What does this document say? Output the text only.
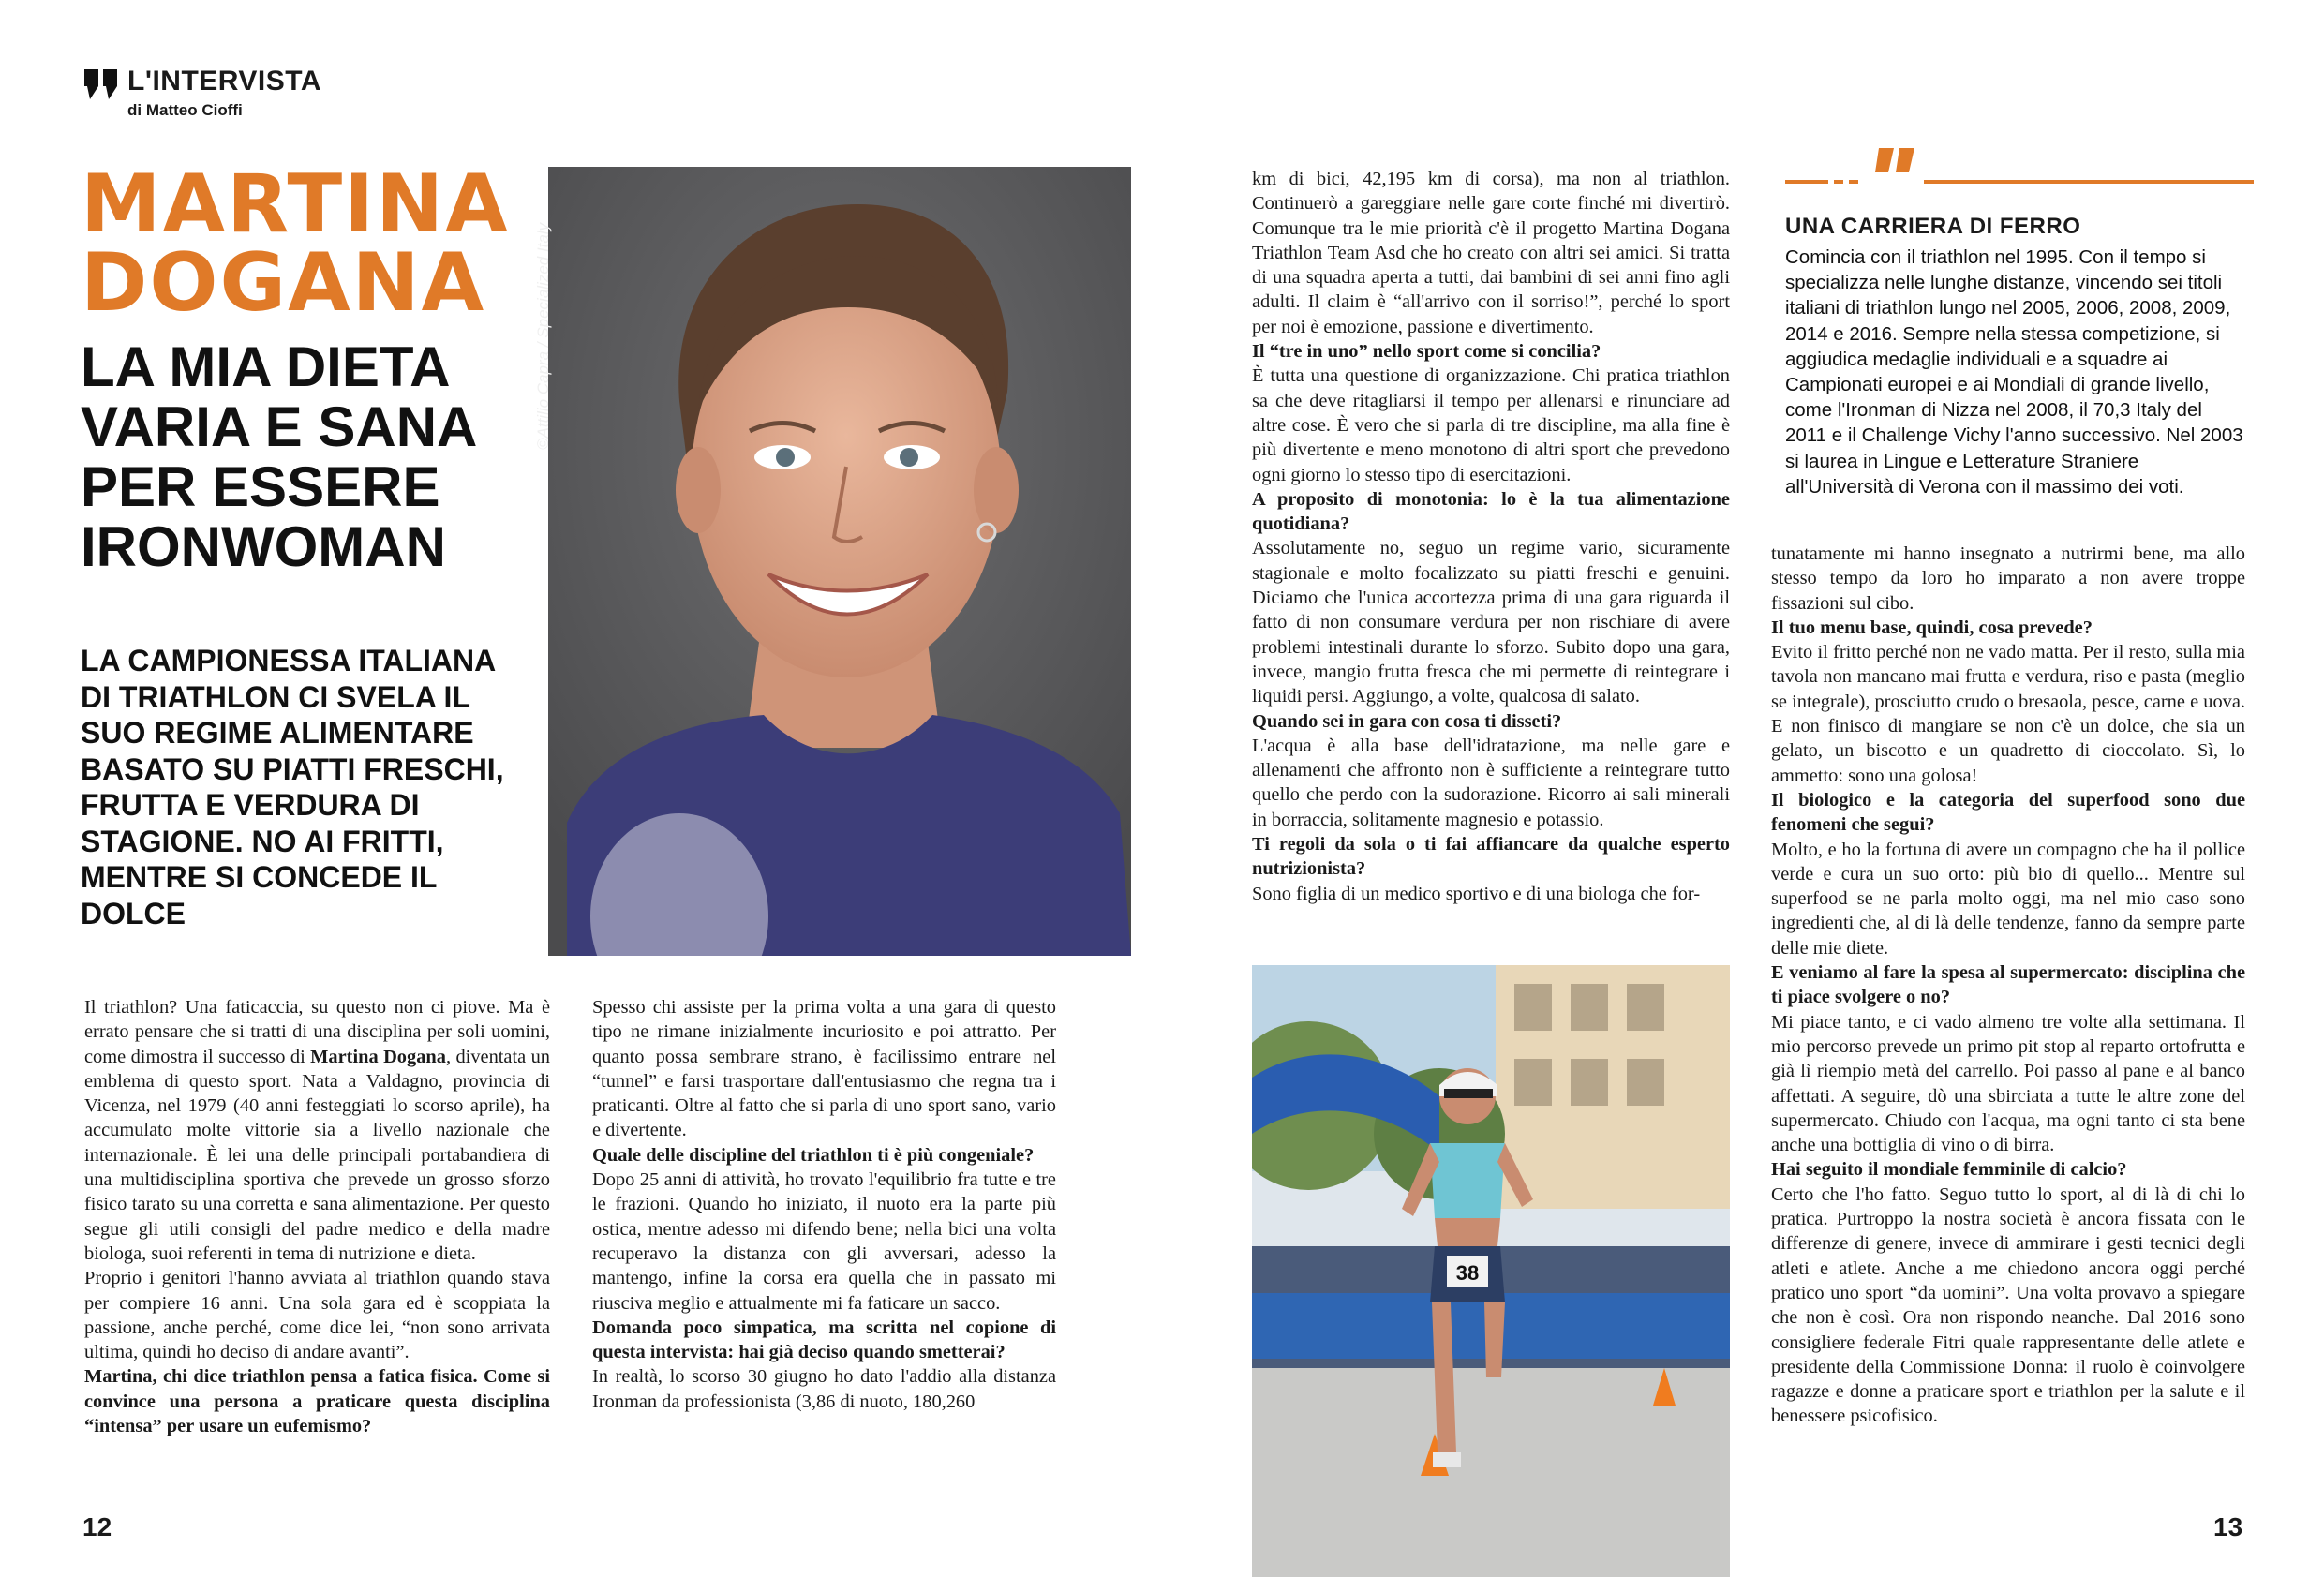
L'INTERVISTA
di Matteo Cioffi
MARTINA
DOGANA
LA MIA DIETA VARIA E SANA PER ESSERE IRONWOMAN
LA CAMPIONESSA ITALIANA DI TRIATHLON CI SVELA IL SUO REGIME ALIMENTARE BASATO SU PIATTI FRESCHI, FRUTTA E VERDURA DI STAGIONE. NO AI FRITTI, MENTRE SI CONCEDE IL DOLCE
©Attilio Capra / Specialized Italy

Il triathlon? Una faticaccia, su questo non ci piove. Ma è errato pensare che si tratti di una disciplina per soli uomini, come dimostra il successo di Martina Dogana, diventata un emblema di questo sport. Nata a Valdagno, provincia di Vicenza, nel 1979 (40 anni festeggiati lo scorso aprile), ha accumulato molte vittorie sia a livello nazionale che internazionale. È lei una delle principali portabandiera di una multidisciplina sportiva che prevede un grosso sforzo fisico tarato su una corretta e sana alimentazione. Per questo segue gli utili consigli del padre medico e della madre biologa, suoi referenti in tema di nutrizione e dieta.

Proprio i genitori l'hanno avviata al triathlon quando stava per compiere 16 anni. Una sola gara ed è scoppiata la passione, anche perché, come dice lei, “non sono arrivata ultima, quindi ho deciso di andare avanti”.

Martina, chi dice triathlon pensa a fatica fisica. Come si convince una persona a praticare questa disciplina “intensa” per usare un eufemismo?

Spesso chi assiste per la prima volta a una gara di questo tipo ne rimane inizialmente incuriosito e poi attratto. Per quanto possa sembrare strano, è facilissimo entrare nel “tunnel” e farsi trasportare dall'entusiasmo che regna tra i praticanti. Oltre al fatto che si parla di uno sport sano, vario e divertente.

Quale delle discipline del triathlon ti è più congeniale?

Dopo 25 anni di attività, ho trovato l'equilibrio fra tutte e tre le frazioni. Quando ho iniziato, il nuoto era la parte più ostica, mentre adesso mi difendo bene; nella bici una volta recuperavo la distanza con gli avversari, adesso la mantengo, infine la corsa era quella che in passato mi riusciva meglio e attualmente mi fa faticare un sacco.

Domanda poco simpatica, ma scritta nel copione di questa intervista: hai già deciso quando smetterai?

In realtà, lo scorso 30 giugno ho dato l'addio alla distanza Ironman da professionista (3,86 di nuoto, 180,260

km di bici, 42,195 km di corsa), ma non al triathlon. Continuerò a gareggiare nelle gare corte finché mi divertirò. Comunque tra le mie priorità c'è il progetto Martina Dogana Triathlon Team Asd che ho creato con altri sei amici. Si tratta di una squadra aperta a tutti, dai bambini di sei anni fino agli adulti. Il claim è “all'arrivo con il sorriso!”, perché lo sport per noi è emozione, passione e divertimento.

Il “tre in uno” nello sport come si concilia?

È tutta una questione di organizzazione. Chi pratica triathlon sa che deve ritagliarsi il tempo per allenarsi e rinunciare ad altre cose. È vero che si parla di tre discipline, ma alla fine è più divertente e meno monotono di altri sport che prevedono ogni giorno lo stesso tipo di esercitazioni.

A proposito di monotonia: lo è la tua alimentazione quotidiana?

Assolutamente no, seguo un regime vario, sicuramente stagionale e molto focalizzato su piatti freschi e genuini. Diciamo che l'unica accortezza prima di una gara riguarda il fatto di non consumare verdura per non rischiare di avere problemi intestinali durante lo sforzo. Subito dopo una gara, invece, mangio frutta fresca che mi permette di reintegrare i liquidi persi. Aggiungo, a volte, qualcosa di salato.

Quando sei in gara con cosa ti disseti?

L'acqua è alla base dell'idratazione, ma nelle gare e allenamenti che affronto non è sufficiente a reintegrare tutto quello che perdo con la sudorazione. Ricorro ai sali minerali in borraccia, solitamente magnesio e potassio.

Ti regoli da sola o ti fai affiancare da qualche esperto nutrizionista?

Sono figlia di un medico sportivo e di una biologa che for-

38
UNA CARRIERA DI FERRO
Comincia con il triathlon nel 1995. Con il tempo si specializza nelle lunghe distanze, vincendo sei titoli italiani di triathlon lungo nel 2005, 2006, 2008, 2009, 2014 e 2016. Sempre nella stessa competizione, si aggiudica medaglie individuali e a squadre ai Campionati europei e ai Mondiali di grande livello, come l'Ironman di Nizza nel 2008, il 70,3 Italy del 2011 e il Challenge Vichy l'anno successivo. Nel 2003 si laurea in Lingue e Letterature Straniere all'Università di Verona con il massimo dei voti.

tunatamente mi hanno insegnato a nutrirmi bene, ma allo stesso tempo da loro ho imparato a non avere troppe fissazioni sul cibo.

Il tuo menu base, quindi, cosa prevede?

Evito il fritto perché non ne vado matta. Per il resto, sulla mia tavola non mancano mai frutta e verdura, riso e pasta (meglio se integrale), prosciutto crudo o bresaola, pesce, carne e uova. E non finisco di mangiare se non c'è un dolce, che sia un gelato, un biscotto e un quadretto di cioccolato. Sì, lo ammetto: sono una golosa!

Il biologico e la categoria del superfood sono due fenomeni che segui?

Molto, e ho la fortuna di avere un compagno che ha il pollice verde e cura un suo orto: più bio di quello... Mentre sul superfood se ne parla molto oggi, ma nel mio caso sono ingredienti che, al di là delle tendenze, fanno da sempre parte delle mie diete.

E veniamo al fare la spesa al supermercato: disciplina che ti piace svolgere o no?

Mi piace tanto, e ci vado almeno tre volte alla settimana. Il mio percorso prevede un primo pit stop al reparto ortofrutta e già lì riempio metà del carrello. Poi passo al pane e al banco affettati. A seguire, dò una sbirciata a tutte le altre zone del supermercato. Chiudo con l'acqua, ma ogni tanto ci sta bene anche una bottiglia di vino o di birra.

Hai seguito il mondiale femminile di calcio?

Certo che l'ho fatto. Seguo tutto lo sport, al di là di chi lo pratica. Purtroppo la nostra società è ancora fissata con le differenze di genere, invece di ammirare i gesti tecnici degli atleti e atlete. Anche a me chiedono ancora oggi perché pratico uno sport “da uomini”. Una volta provavo a spiegare che non è così. Ora non rispondo neanche. Dal 2016 sono consigliere federale Fitri quale rappresentante delle atlete e presidente della Commissione Donna: il ruolo è coinvolgere ragazze e donne a praticare sport e triathlon per la salute e il benessere psicofisico.

12	13
